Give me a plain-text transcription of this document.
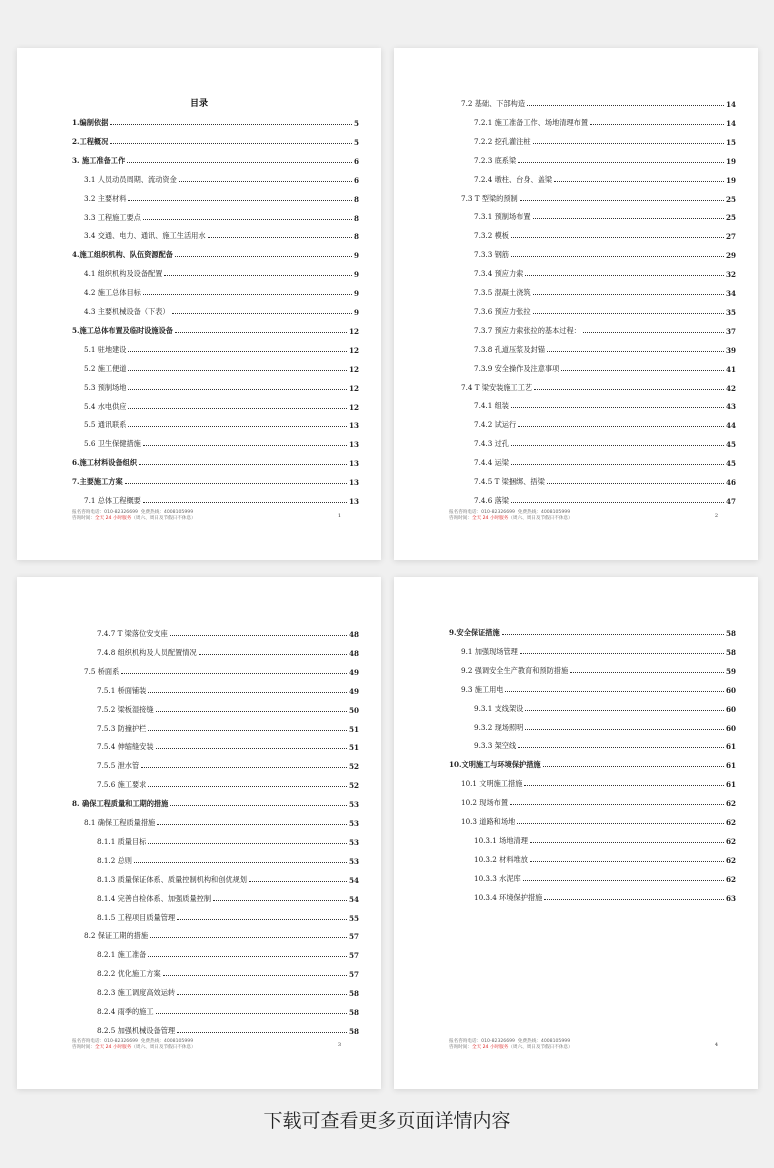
目录
1.编制依据	5
2.工程概况	5
3. 施工准备工作	6
3.1 人员动员周期、流动资金	6
3.2 主要材料	8
3.3 工程施工要点	8
3.4 交通、电力、通讯、施工生活用水	8
4.施工组织机构、队伍资源配备	9
4.1 组织机构及设备配置	9
4.2 施工总体目标	9
4.3 主要机械设备（下表）	9
5.施工总体布置及临时设施设备	12
5.1 驻地建设	12
5.2 施工便道	12
5.3 预制场地	12
5.4 水电供应	12
5.5 通讯联系	13
5.6 卫生保健措施	13
6.施工材料设备组织	13
7.主要施工方案	13
7.1 总体工程概要	13
报名咨询电话：010-82326699 免费热线：4008105999
咨询时间：全天 24 小时服务（周六、周日及节假日不休息）	1
7.2 基础、下部构造	14
7.2.1 施工准备工作、场地清理布置	14
7.2.2 挖孔灌注桩	15
7.2.3 底系梁	19
7.2.4 墩柱、台身、盖梁	19
7.3 T 型梁的预制	25
7.3.1 预制场布置	25
7.3.2 模板	27
7.3.3 钢筋	29
7.3.4 预应力索	32
7.3.5 混凝土浇筑	34
7.3.6 预应力张拉	35
7.3.7 预应力索张拉的基本过程：	37
7.3.8 孔道压浆及封锚	39
7.3.9 安全操作及注意事项	41
7.4 T 梁安装施工工艺	42
7.4.1 组装	43
7.4.2 试运行	44
7.4.3 过孔	45
7.4.4 运梁	45
7.4.5 T 梁捆绑、捂梁	46
7.4.6 落梁	47
报名咨询电话：010-82326699 免费热线：4008105999
咨询时间：全天 24 小时服务（周六、周日及节假日不休息）	2
7.4.7 T 梁落位安支座	48
7.4.8 组织机构及人员配置情况	48
7.5 桥面系	49
7.5.1 桥面铺装	49
7.5.2 梁板湿接缝	50
7.5.3 防撞护栏	51
7.5.4 伸缩缝安装	51
7.5.5 泄水管	52
7.5.6 施工要求	52
8. 确保工程质量和工期的措施	53
8.1 确保工程质量措施	53
8.1.1 质量目标	53
8.1.2 总则	53
8.1.3 质量保证体系、质量控制机构和创优规划	54
8.1.4 完善自检体系、加强质量控制	54
8.1.5 工程项目质量管理	55
8.2 保证工期的措施	57
8.2.1 施工准备	57
8.2.2 优化施工方案	57
8.2.3 施工调度高效运转	58
8.2.4 雨季的施工	58
8.2.5 加强机械设备管理	58
报名咨询电话：010-82326699 免费热线：4008105999
咨询时间：全天 24 小时服务（周六、周日及节假日不休息）	3
9.安全保证措施	58
9.1 加强现场管理	58
9.2 强调安全生产教育和预防措施	59
9.3 施工用电	60
9.3.1 支线架设	60
9.3.2 现场照明	60
9.3.3 架空线	61
10.文明施工与环境保护措施	61
10.1 文明施工措施	61
10.2 现场布置	62
10.3 道路和场地	62
10.3.1 场地清理	62
10.3.2 材料堆放	62
10.3.3 水泥库	62
10.3.4 环境保护措施	63
报名咨询电话：010-82326699 免费热线：4008105999
咨询时间：全天 24 小时服务（周六、周日及节假日不休息）	4
下载可查看更多页面详情内容
